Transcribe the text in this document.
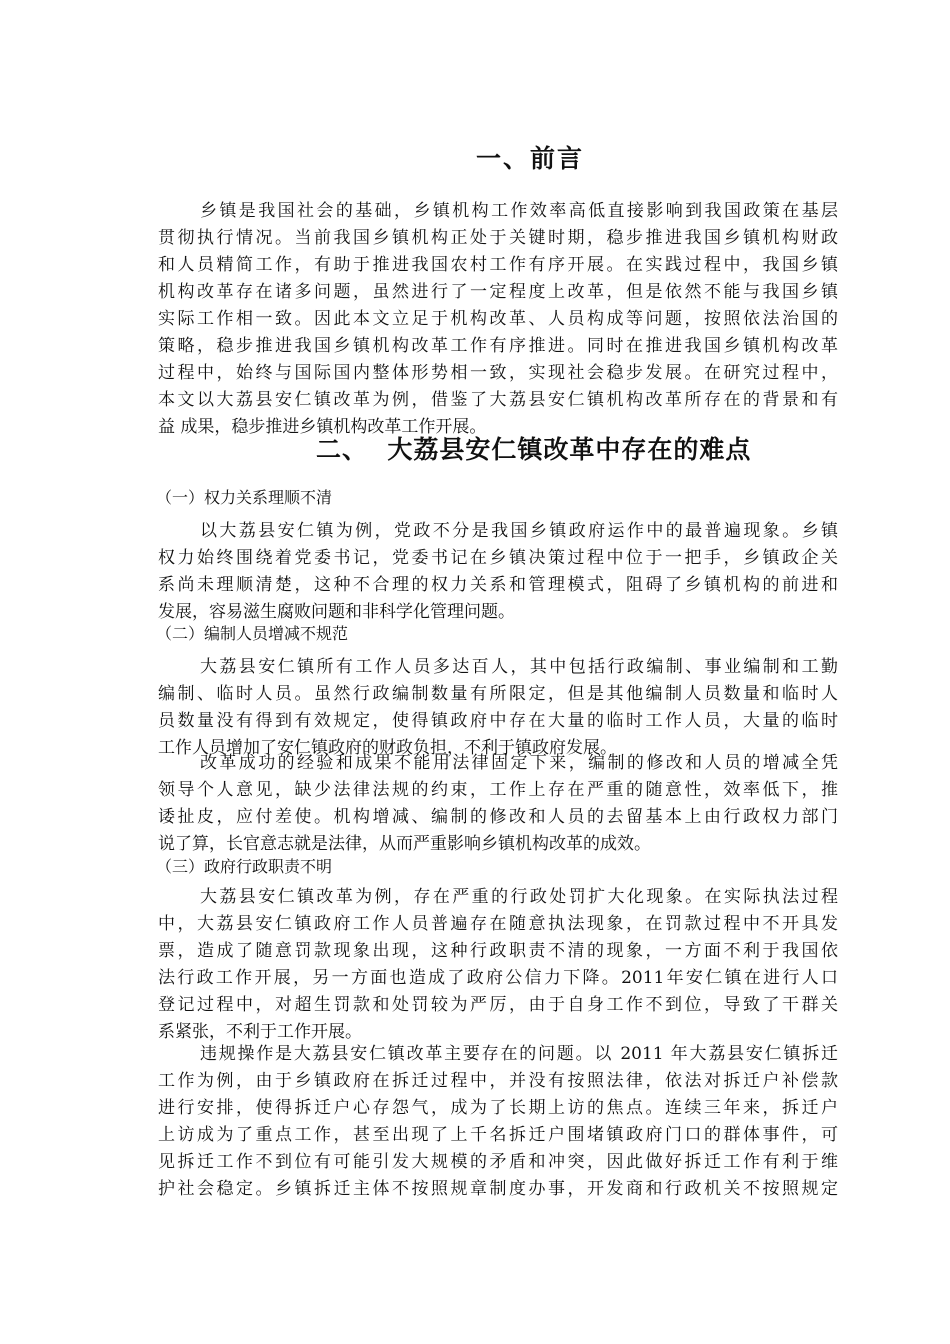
一、前言
乡镇是我国社会的基础，乡镇机构工作效率高低直接影响到我国政策在基层
贯彻执行情况。当前我国乡镇机构正处于关键时期，稳步推进我国乡镇机构财政
和人员精简工作，有助于推进我国农村工作有序开展。在实践过程中，我国乡镇
机构改革存在诸多问题，虽然进行了一定程度上改革，但是依然不能与我国乡镇
实际工作相一致。因此本文立足于机构改革、人员构成等问题，按照依法治国的
策略，稳步推进我国乡镇机构改革工作有序推进。同时在推进我国乡镇机构改革
过程中，始终与国际国内整体形势相一致，实现社会稳步发展。在研究过程中，
本文以大荔县安仁镇改革为例，借鉴了大荔县安仁镇机构改革所存在的背景和有
益 成果，稳步推进乡镇机构改革工作开展。
二、  大荔县安仁镇改革中存在的难点
（一）权力关系理顺不清
以大荔县安仁镇为例，党政不分是我国乡镇政府运作中的最普遍现象。乡镇
权力始终围绕着党委书记，党委书记在乡镇决策过程中位于一把手，乡镇政企关
系尚未理顺清楚，这种不合理的权力关系和管理模式，阻碍了乡镇机构的前进和
发展，容易滋生腐败问题和非科学化管理问题。
（二）编制人员增减不规范
大荔县安仁镇所有工作人员多达百人，其中包括行政编制、事业编制和工勤
编制、临时人员。虽然行政编制数量有所限定，但是其他编制人员数量和临时人
员数量没有得到有效规定，使得镇政府中存在大量的临时工作人员，大量的临时
工作人员增加了安仁镇政府的财政负担，不利于镇政府发展。
改革成功的经验和成果不能用法律固定下来，编制的修改和人员的增减全凭
领导个人意见，缺少法律法规的约束，工作上存在严重的随意性，效率低下，推
诿扯皮，应付差使。机构增减、编制的修改和人员的去留基本上由行政权力部门
说了算，长官意志就是法律，从而严重影响乡镇机构改革的成效。
（三）政府行政职责不明
大荔县安仁镇改革为例，存在严重的行政处罚扩大化现象。在实际执法过程
中，大荔县安仁镇政府工作人员普遍存在随意执法现象，在罚款过程中不开具发
票，造成了随意罚款现象出现，这种行政职责不清的现象，一方面不利于我国依
法行政工作开展，另一方面也造成了政府公信力下降。2011年安仁镇在进行人口
登记过程中，对超生罚款和处罚较为严厉，由于自身工作不到位，导致了干群关
系紧张，不利于工作开展。
违规操作是大荔县安仁镇改革主要存在的问题。以 2011 年大荔县安仁镇拆迁
工作为例，由于乡镇政府在拆迁过程中，并没有按照法律，依法对拆迁户补偿款
进行安排，使得拆迁户心存怨气，成为了长期上访的焦点。连续三年来，拆迁户
上访成为了重点工作，甚至出现了上千名拆迁户围堵镇政府门口的群体事件，可
见拆迁工作不到位有可能引发大规模的矛盾和冲突，因此做好拆迁工作有利于维
护社会稳定。乡镇拆迁主体不按照规章制度办事，开发商和行政机关不按照规定
